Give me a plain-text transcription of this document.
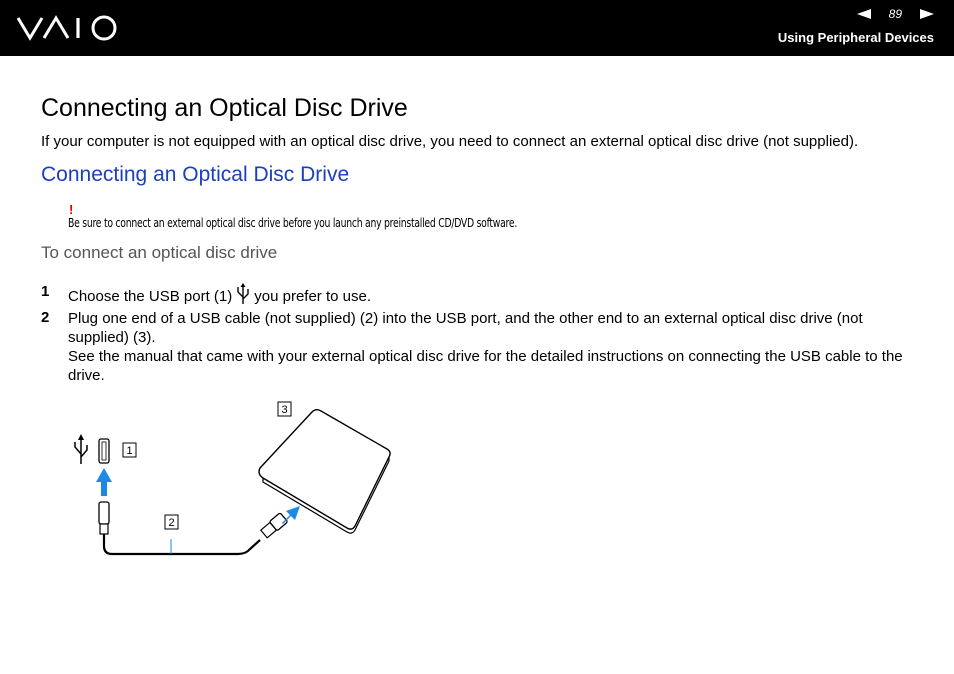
89
Using Peripheral Devices
Connecting an Optical Disc Drive

If your computer is not equipped with an optical disc drive, you need to connect an external optical disc drive (not supplied).

Connecting an Optical Disc Drive
!

Be sure to connect an external optical disc drive before you launch any preinstalled CD/DVD software.

To connect an optical disc drive
1 Choose the USB port (1) you prefer to use.
2 Plug one end of a USB cable (not supplied) (2) into the USB port, and the other end to an external optical disc drive (not supplied) (3).
See the manual that came with your external optical disc drive for the detailed instructions on connecting the USB cable to the drive.
1
2
3
